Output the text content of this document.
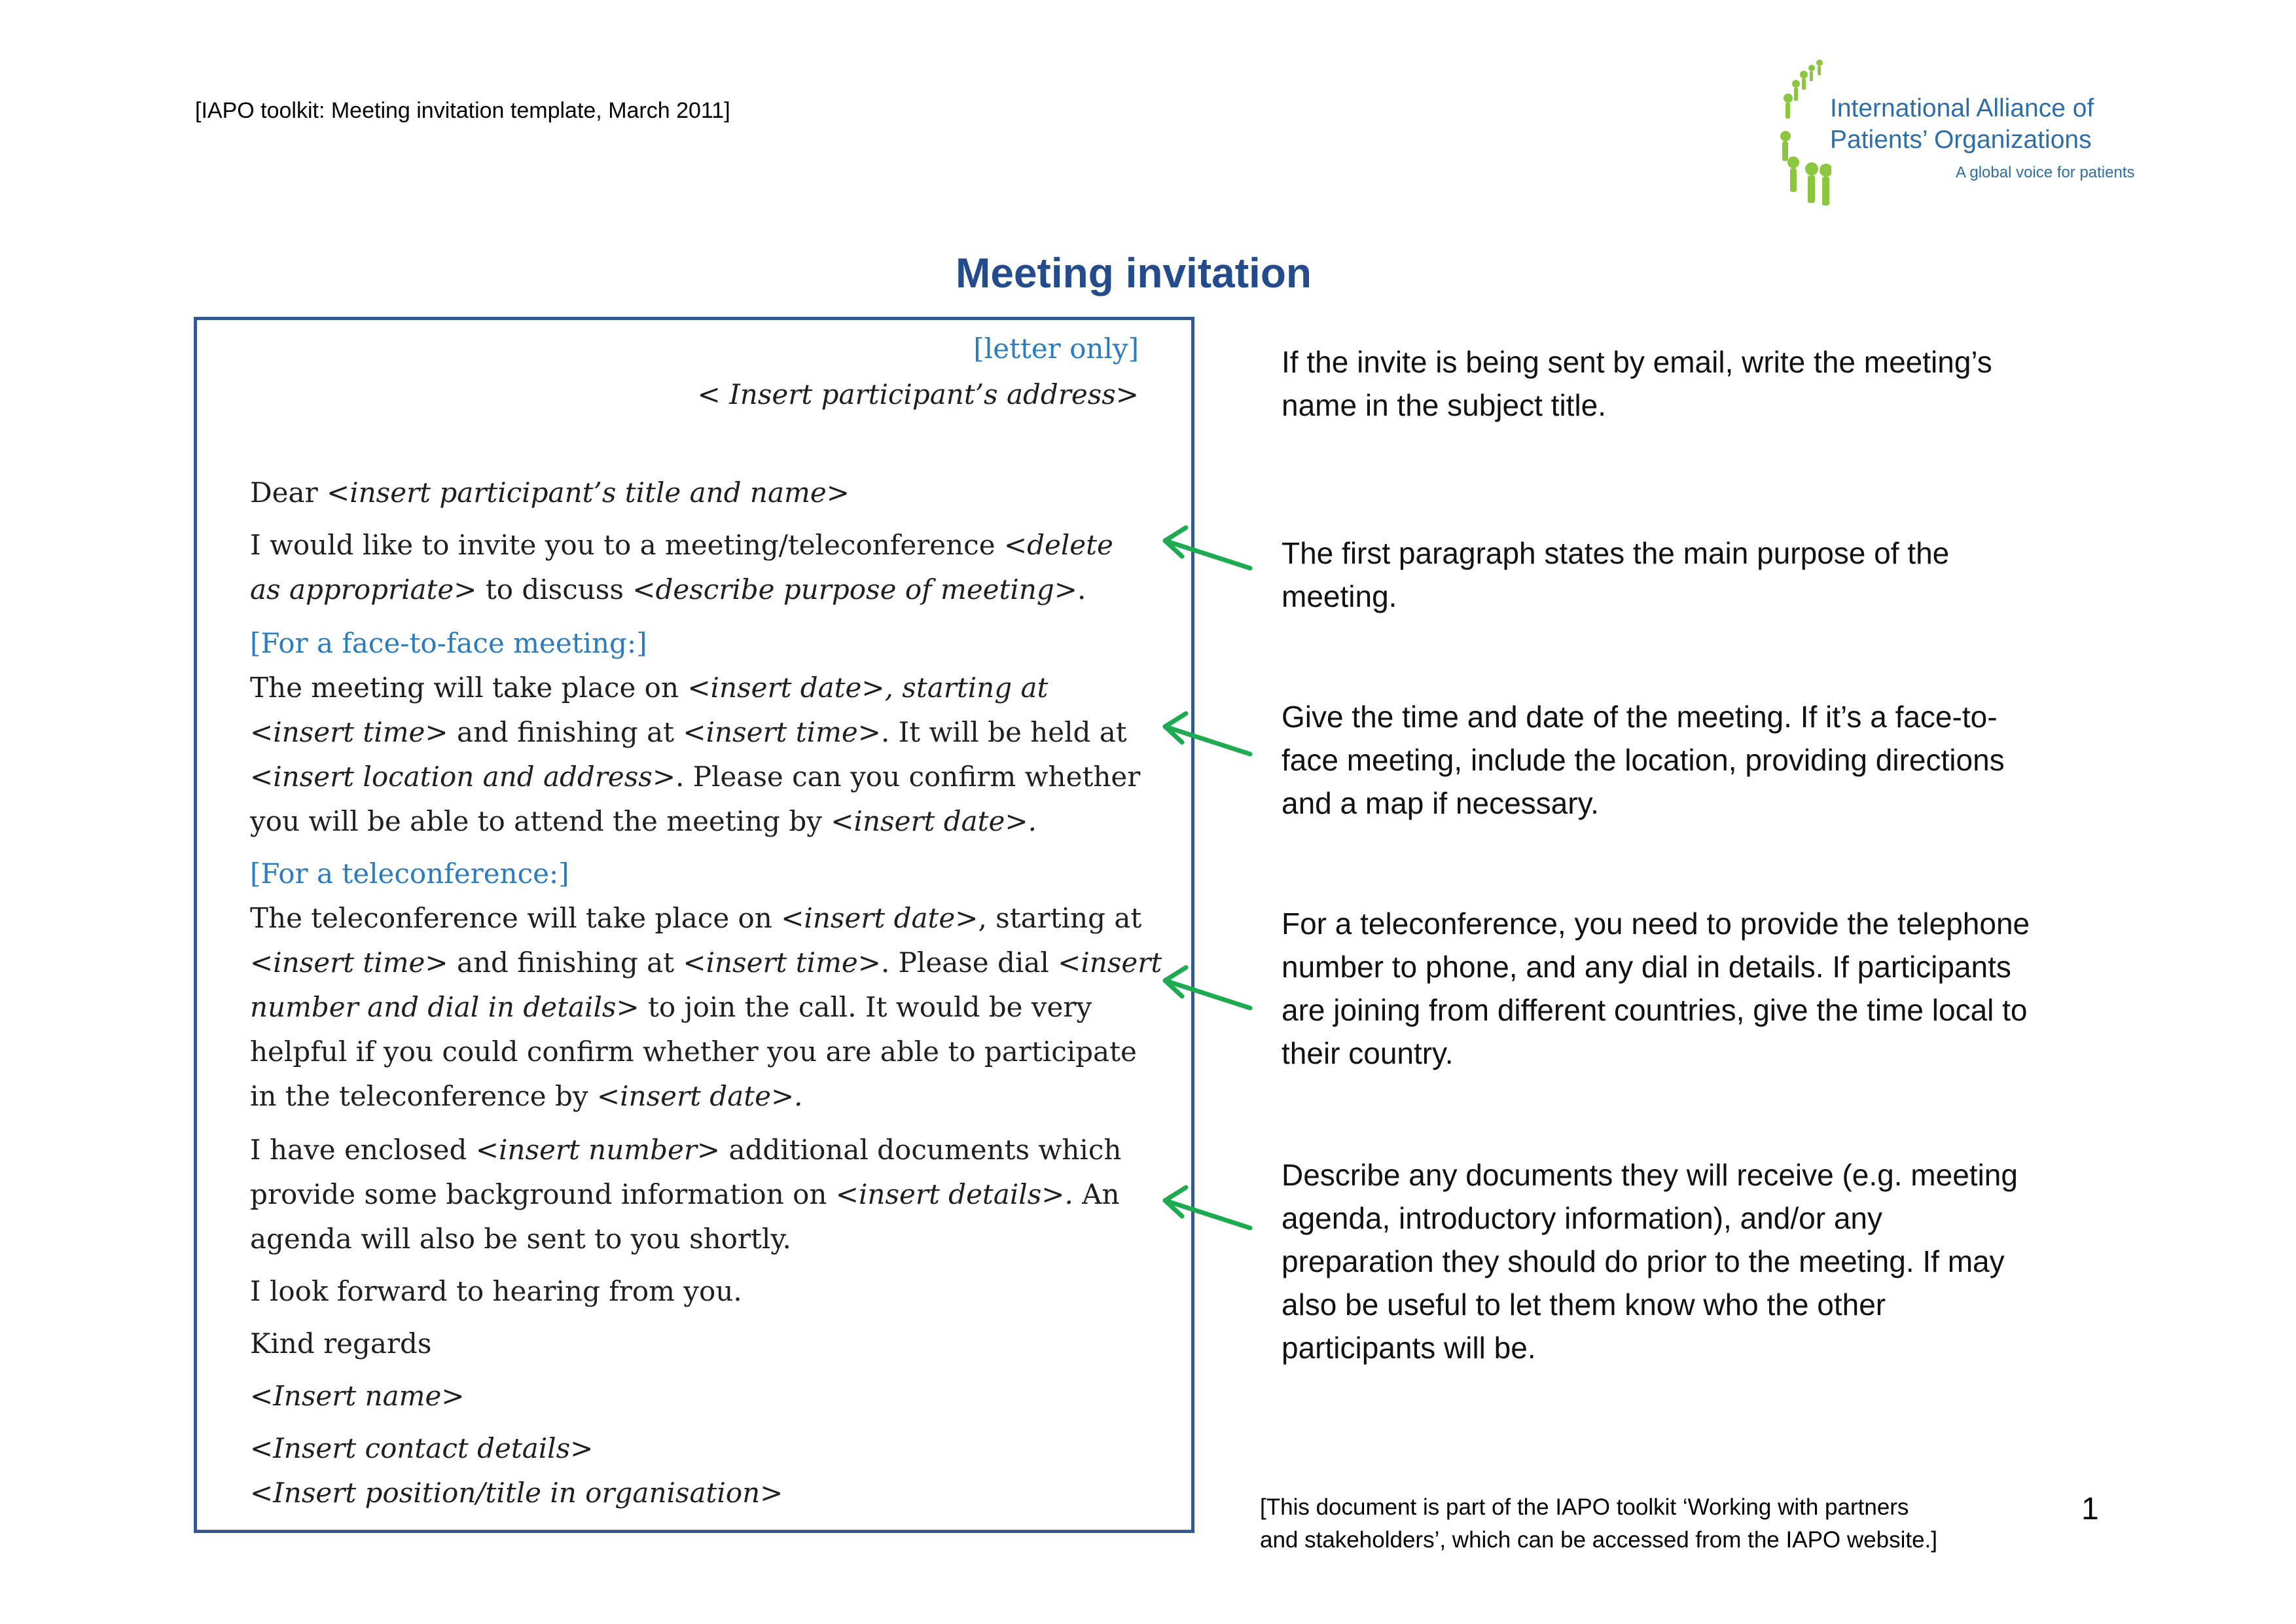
[IAPO toolkit: Meeting invitation template, March 2011]	International Alliance of
Patients’ Organizations
A global voice for patients
Meeting invitation
[letter only]
< Insert participant’s address>
Dear <insert participant’s title and name>
I would like to invite you to a meeting/teleconference <delete
as appropriate> to discuss <describe purpose of meeting>.
[For a face-to-face meeting:]
The meeting will take place on <insert date>, starting at
<insert time> and finishing at <insert time>. It will be held at
<insert location and address>. Please can you confirm whether
you will be able to attend the meeting by <insert date>.
[For a teleconference:]
The teleconference will take place on <insert date>, starting at
<insert time> and finishing at <insert time>. Please dial <insert
number and dial in details> to join the call. It would be very
helpful if you could confirm whether you are able to participate
in the teleconference by <insert date>.
I have enclosed <insert number> additional documents which
provide some background information on <insert details>. An
agenda will also be sent to you shortly.
I look forward to hearing from you.
Kind regards
<Insert name>
<Insert contact details>
<Insert position/title in organisation>
If the invite is being sent by email, write the meeting’s
name in the subject title.
The first paragraph states the main purpose of the
meeting.
Give the time and date of the meeting. If it’s a face-to-
face meeting, include the location, providing directions
and a map if necessary.
For a teleconference, you need to provide the telephone
number to phone, and any dial in details. If participants
are joining from different countries, give the time local to
their country.
Describe any documents they will receive (e.g. meeting
agenda, introductory information), and/or any
preparation they should do prior to the meeting. If may
also be useful to let them know who the other
participants will be.
[This document is part of the IAPO toolkit ‘Working with partners
and stakeholders’, which can be accessed from the IAPO website.]
1
